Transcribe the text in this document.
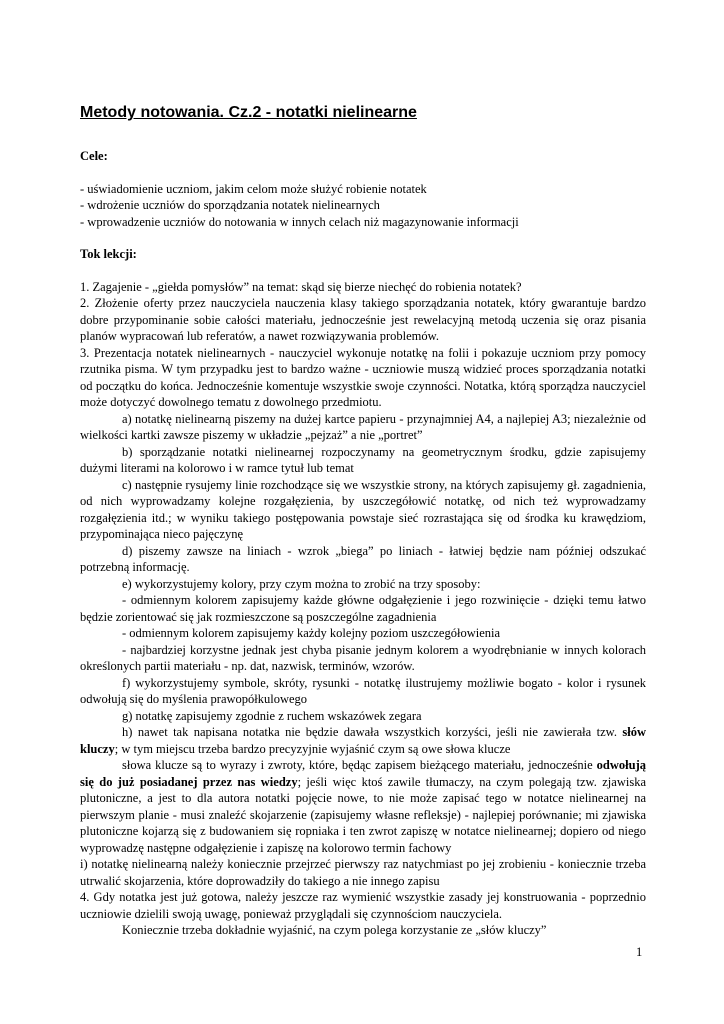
Metody notowania. Cz.2 - notatki nielinearne

Cele:

- uświadomienie uczniom, jakim celom może służyć robienie notatek

- wdrożenie uczniów do sporządzania notatek nielinearnych

- wprowadzenie uczniów do notowania w innych celach niż magazynowanie informacji

Tok lekcji:

1. Zagajenie - „giełda pomysłów” na temat: skąd się bierze niechęć do robienia notatek?

2. Złożenie oferty przez nauczyciela nauczenia klasy takiego sporządzania notatek, który gwarantuje bardzo dobre przypominanie sobie całości materiału, jednocześnie jest rewelacyjną metodą uczenia się oraz pisania planów wypracowań lub referatów, a nawet rozwiązywania problemów.

3. Prezentacja notatek nielinearnych - nauczyciel wykonuje notatkę na folii i pokazuje uczniom przy pomocy rzutnika pisma. W tym przypadku jest to bardzo ważne - uczniowie muszą widzieć proces sporządzania notatki od początku do końca. Jednocześnie komentuje wszystkie swoje czynności. Notatka, którą sporządza nauczyciel może dotyczyć dowolnego tematu z dowolnego przedmiotu.

a) notatkę nielinearną piszemy na dużej kartce papieru - przynajmniej A4, a najlepiej A3; niezależnie od wielkości kartki zawsze piszemy w układzie „pejzaż” a nie „portret”

b) sporządzanie notatki nielinearnej rozpoczynamy na geometrycznym środku, gdzie zapisujemy dużymi literami na kolorowo i w ramce tytuł lub temat

c) następnie rysujemy linie rozchodzące się we wszystkie strony, na których zapisujemy gł. zagadnienia, od nich wyprowadzamy kolejne rozgałęzienia, by uszczegółowić notatkę, od nich też wyprowadzamy rozgałęzienia itd.; w wyniku takiego postępowania powstaje sieć rozrastająca się od środka ku krawędziom, przypominająca nieco pajęczynę

d) piszemy zawsze na liniach - wzrok „biega” po liniach - łatwiej będzie nam później odszukać potrzebną informację.

e) wykorzystujemy kolory, przy czym można to zrobić na trzy sposoby:

- odmiennym kolorem zapisujemy każde główne odgałęzienie i jego rozwinięcie - dzięki temu łatwo będzie zorientować się jak rozmieszczone są poszczególne zagadnienia

- odmiennym kolorem zapisujemy każdy kolejny poziom uszczegółowienia

- najbardziej korzystne jednak jest chyba pisanie jednym kolorem a wyodrębnianie w innych kolorach określonych partii materiału - np. dat, nazwisk, terminów, wzorów.

f) wykorzystujemy symbole, skróty, rysunki - notatkę ilustrujemy możliwie bogato - kolor i rysunek odwołują się do myślenia prawopółkulowego

g) notatkę zapisujemy zgodnie z ruchem wskazówek zegara

h) nawet tak napisana notatka nie będzie dawała wszystkich korzyści, jeśli nie zawierała tzw. słów kluczy; w tym miejscu trzeba bardzo precyzyjnie wyjaśnić czym są owe słowa klucze

słowa klucze są to wyrazy i zwroty, które, będąc zapisem bieżącego materiału, jednocześnie odwołują się do już posiadanej przez nas wiedzy; jeśli więc ktoś zawile tłumaczy, na czym polegają tzw. zjawiska plutoniczne, a jest to dla autora notatki pojęcie nowe, to nie może zapisać tego w notatce nielinearnej na pierwszym planie - musi znaleźć skojarzenie (zapisujemy własne refleksje) - najlepiej porównanie; mi zjawiska plutoniczne kojarzą się z budowaniem się ropniaka i ten zwrot zapiszę w notatce nielinearnej; dopiero od niego wyprowadzę następne odgałęzienie i zapiszę na kolorowo termin fachowy

i) notatkę nielinearną należy koniecznie przejrzeć pierwszy raz natychmiast po jej zrobieniu - koniecznie trzeba utrwalić skojarzenia, które doprowadziły do takiego a nie innego zapisu

4. Gdy notatka jest już gotowa, należy jeszcze raz wymienić wszystkie zasady jej konstruowania - poprzednio uczniowie dzielili swoją uwagę, ponieważ przyglądali się czynnościom nauczyciela.

Koniecznie trzeba dokładnie wyjaśnić, na czym polega korzystanie ze „słów kluczy”

1
